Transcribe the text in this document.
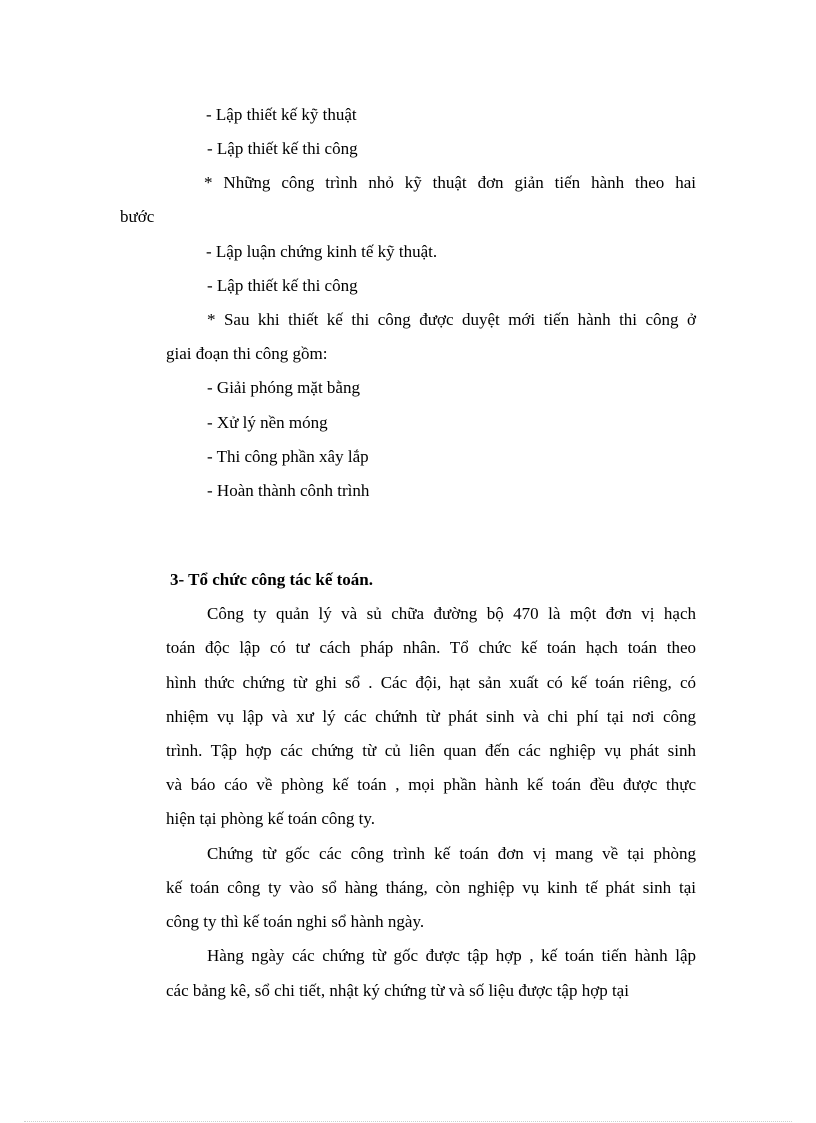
- Lập thiết kế kỹ thuật
- Lập thiết kế thi công
* Những công trình nhỏ kỹ thuật đơn giản tiến hành theo hai
bước
- Lập luận chứng kinh tế kỹ thuật.
- Lập thiết kế thi công
* Sau khi thiết kế thi công được duyệt mới tiến hành thi công ở
giai đoạn thi công gồm:
- Giải phóng mặt bằng
- Xử lý nền móng
- Thi công phần xây lắp
- Hoàn thành cônh trình
3- Tổ chức công tác kế toán.
Công ty quản lý và sủ chữa đường bộ 470 là một đơn vị hạch
toán độc lập có tư cách pháp nhân. Tổ chức kế toán hạch toán theo
hình thức chứng từ ghi sổ . Các đội, hạt sản xuất có kế toán riêng, có
nhiệm vụ lập và xư lý các chứnh từ phát sinh và chi phí tại nơi công
trình. Tập hợp các chứng từ củ liên quan đến các nghiệp vụ phát sinh
và báo cáo về phòng kế toán , mọi phần hành kế toán đều được thực
hiện tại phòng kế toán công ty.
Chứng từ gốc các công trình kế toán đơn vị mang về tại phòng
kế toán công ty vào sổ hàng tháng, còn nghiệp vụ kinh tế phát sinh tại
công ty thì kế toán nghi sổ hành ngày.
Hàng ngày các chứng từ gốc được tập hợp , kế toán tiến hành lập
các bảng kê, sổ chi tiết, nhật ký chứng từ và số liệu được tập hợp tại
